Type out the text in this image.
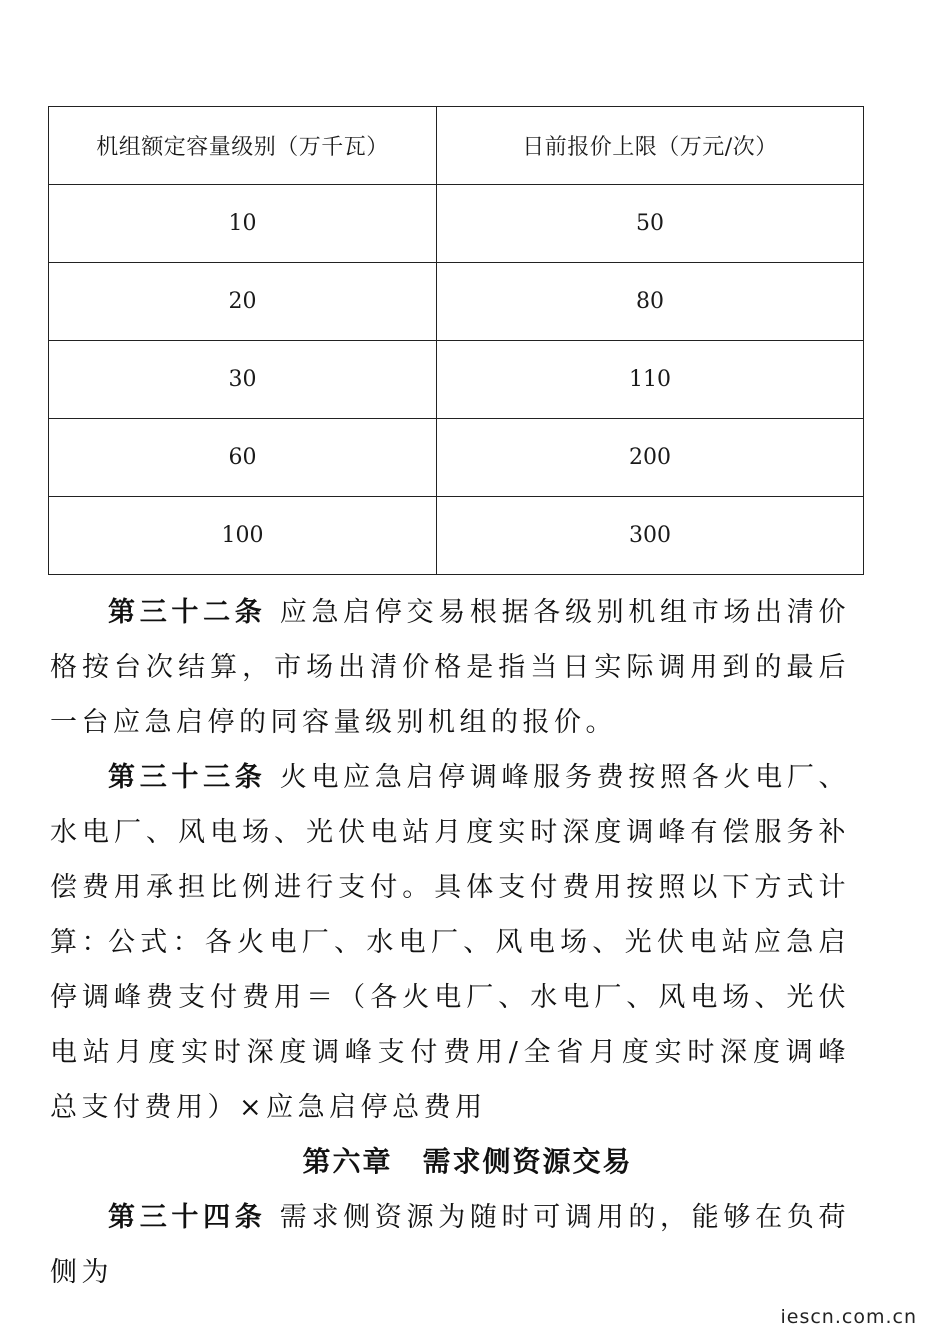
机组额定容量级别（万千瓦）	日前报价上限（万元/次）
10	50
20	80
30	110
60	200
100	300

第三十二条 应急启停交易根据各级别机组市场出清价格按台次结算，市场出清价格是指当日实际调用到的最后一台应急启停的同容量级别机组的报价。

第三十三条 火电应急启停调峰服务费按照各火电厂、水电厂、风电场、光伏电站月度实时深度调峰有偿服务补偿费用承担比例进行支付。具体支付费用按照以下方式计算：

公式：各火电厂、水电厂、风电场、光伏电站应急启停调峰费支付费用＝（各火电厂、水电厂、风电场、光伏电站月度实时深度调峰支付费用/全省月度实时深度调峰总支付费用）×应急启停总费用

第六章　需求侧资源交易

第三十四条 需求侧资源为随时可调用的，能够在负荷侧为

iescn.com.cn
